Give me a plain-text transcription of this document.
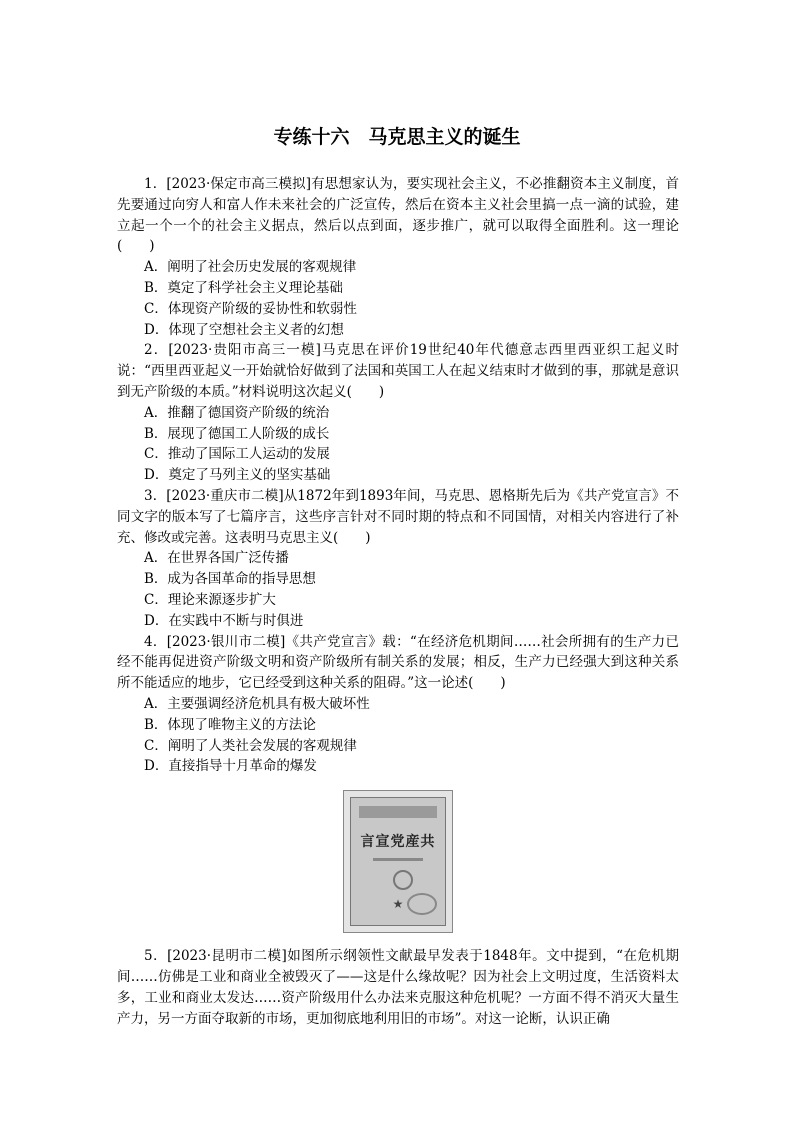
专练十六　马克思主义的诞生

1．[2023·保定市高三模拟]有思想家认为，要实现社会主义，不必推翻资本主义制度，首先要通过向穷人和富人作未来社会的广泛宣传，然后在资本主义社会里搞一点一滴的试验，建立起一个一个的社会主义据点，然后以点到面，逐步推广，就可以取得全面胜利。这一理论(　　)

A．阐明了社会历史发展的客观规律
B．奠定了科学社会主义理论基础
C．体现资产阶级的妥协性和软弱性
D．体现了空想社会主义者的幻想

2．[2023·贵阳市高三一模]马克思在评价19世纪40年代德意志西里西亚织工起义时说：“西里西亚起义一开始就恰好做到了法国和英国工人在起义结束时才做到的事，那就是意识到无产阶级的本质。”材料说明这次起义(　　)

A．推翻了德国资产阶级的统治
B．展现了德国工人阶级的成长
C．推动了国际工人运动的发展
D．奠定了马列主义的坚实基础

3．[2023·重庆市二模]从1872年到1893年间，马克思、恩格斯先后为《共产党宣言》不同文字的版本写了七篇序言，这些序言针对不同时期的特点和不同国情，对相关内容进行了补充、修改或完善。这表明马克思主义(　　)

A．在世界各国广泛传播
B．成为各国革命的指导思想
C．理论来源逐步扩大
D．在实践中不断与时俱进

4．[2023·银川市二模]《共产党宣言》载：“在经济危机期间……社会所拥有的生产力已经不能再促进资产阶级文明和资产阶级所有制关系的发展；相反，生产力已经强大到这种关系所不能适应的地步，它已经受到这种关系的阻碍。”这一论述(　　)

A．主要强调经济危机具有极大破坏性
B．体现了唯物主义的方法论
C．阐明了人类社会发展的客观规律
D．直接指导十月革命的爆发
言宣党産共
★

5．[2023·昆明市二模]如图所示纲领性文献最早发表于1848年。文中提到，“在危机期间……仿佛是工业和商业全被毁灭了——这是什么缘故呢？因为社会上文明过度，生活资料太多，工业和商业太发达……资产阶级用什么办法来克服这种危机呢？一方面不得不消灭大量生产力，另一方面夺取新的市场，更加彻底地利用旧的市场”。对这一论断，认识正确
